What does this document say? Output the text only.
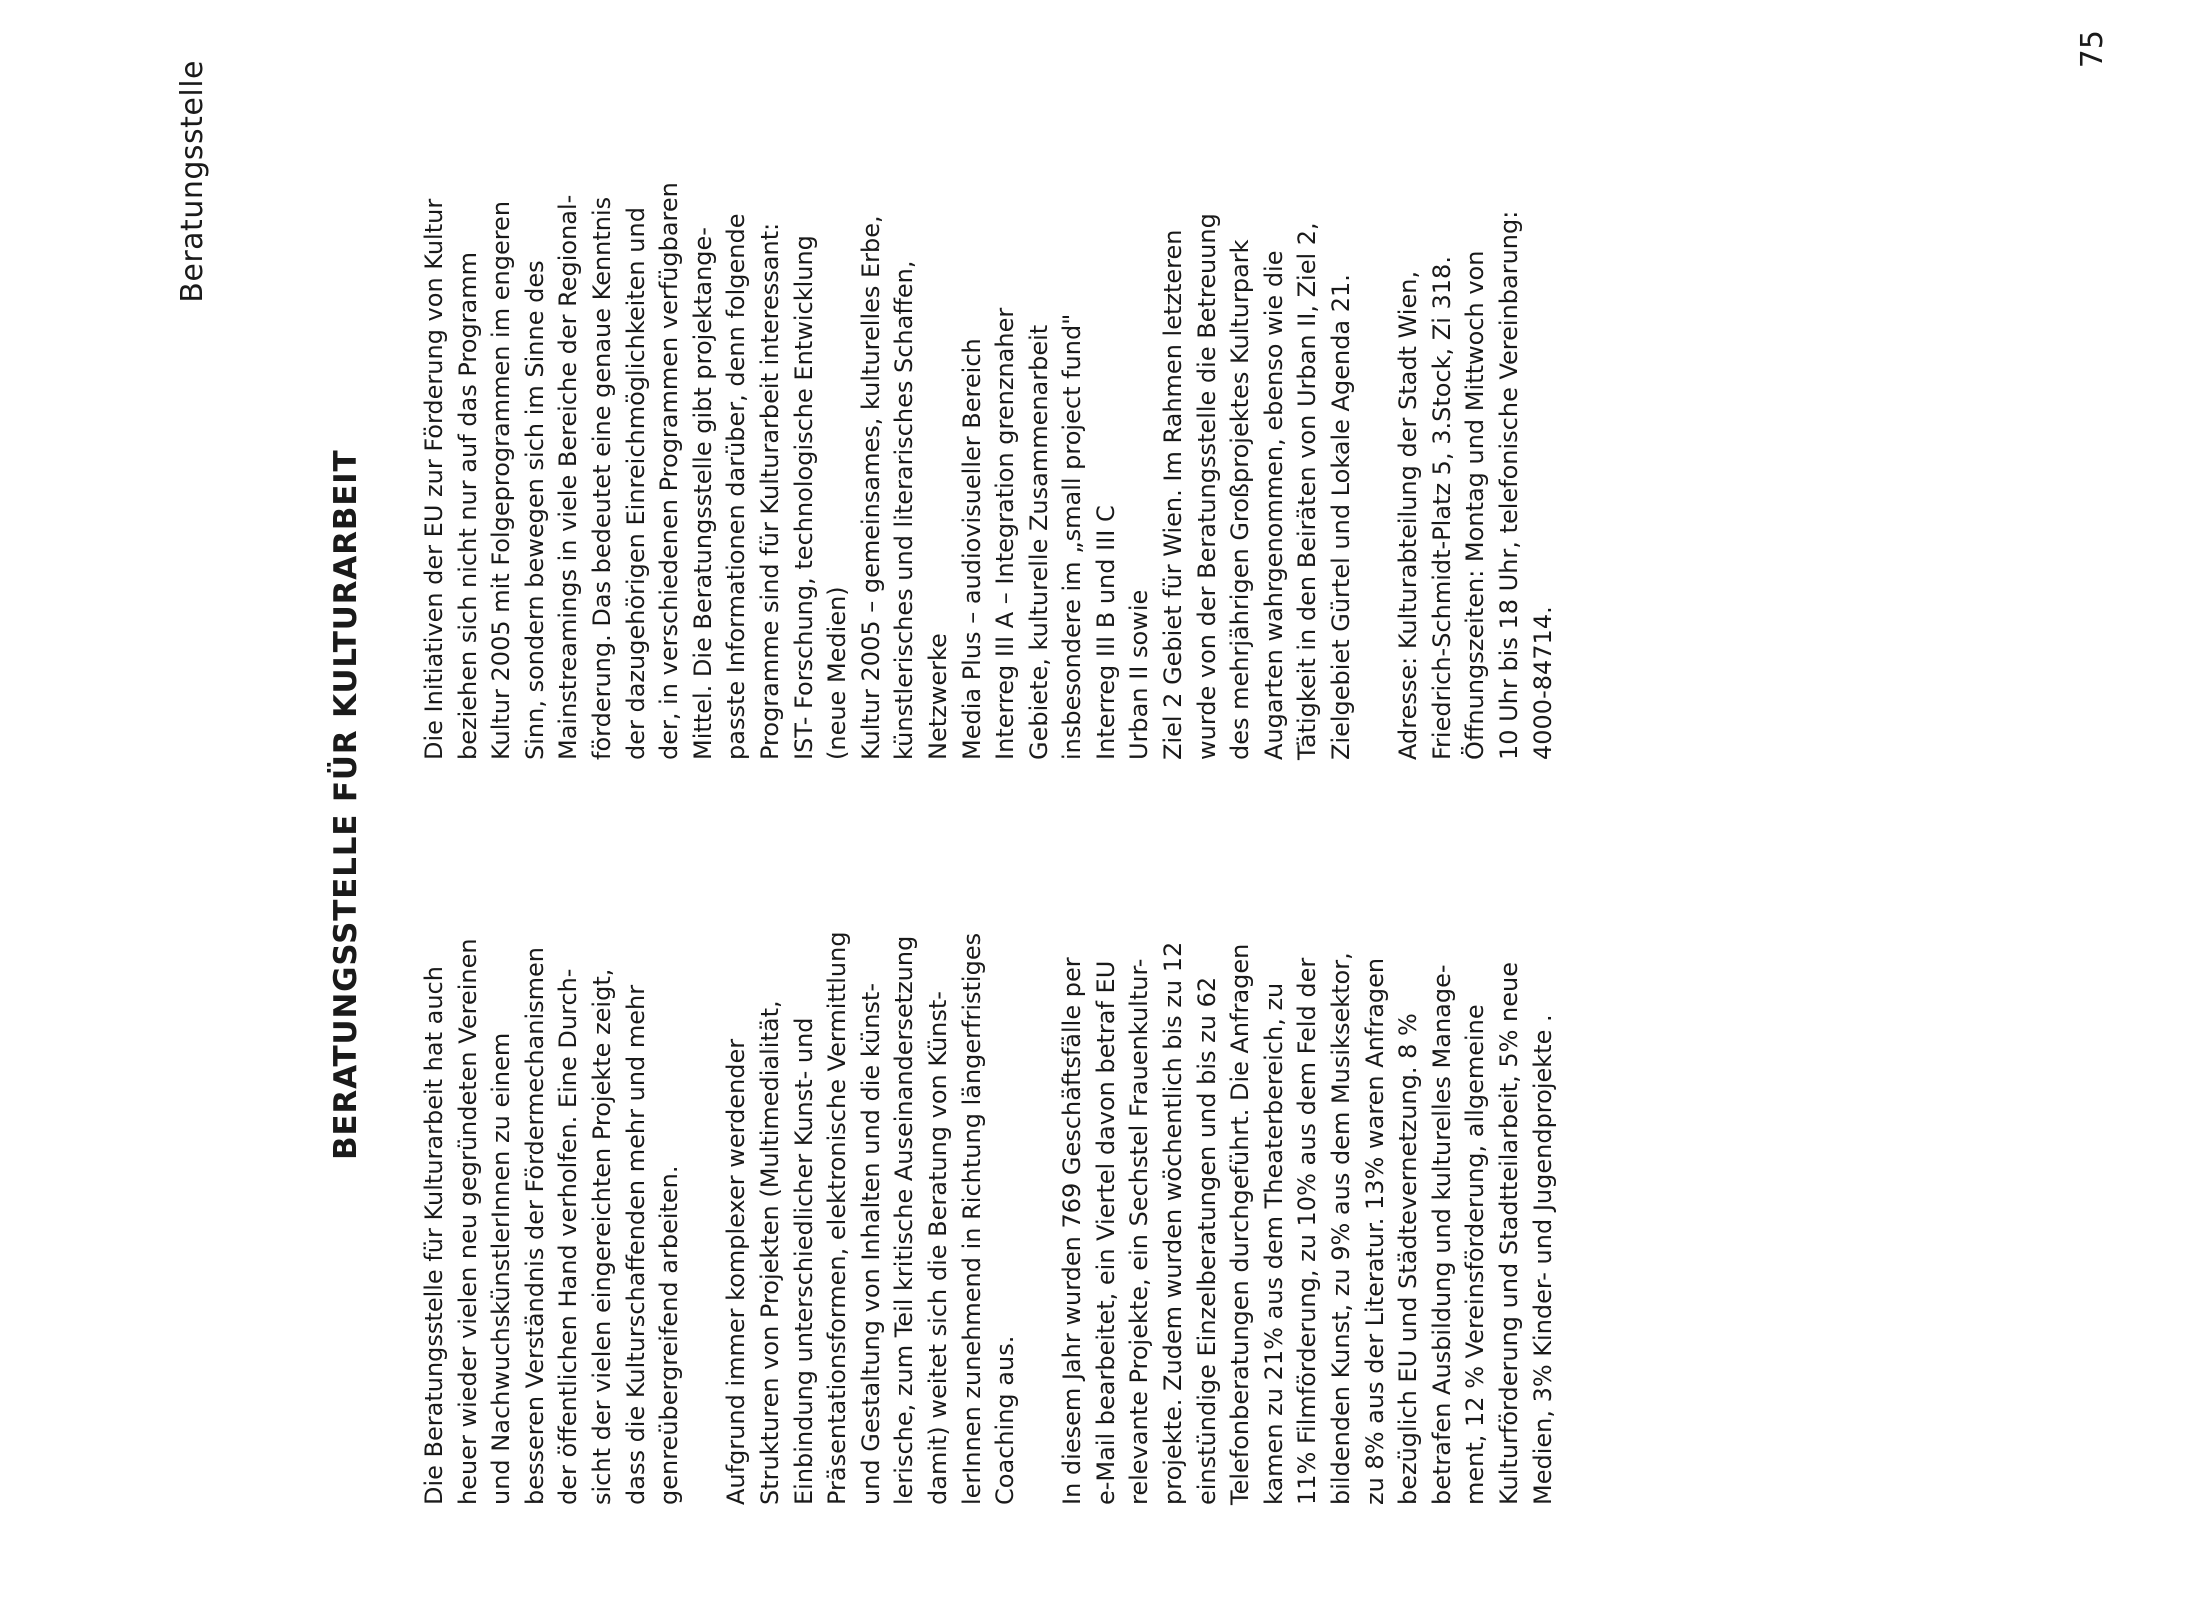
Beratungsstelle
BERATUNGSSTELLE FÜR KULTURARBEIT

Die Beratungsstelle für Kulturarbeit hat auch heuer wieder vielen neu gegründeten Vereinen und NachwuchskünstlerInnen zu einem besseren Verständnis der Fördermechanismen der öffentlichen Hand verholfen. Eine Durch- sicht der vielen eingereichten Projekte zeigt, dass die Kulturschaffenden mehr und mehr genreübergreifend arbeiten. Aufgrund immer komplexer werdender Strukturen von Projekten (Multimedialität, Einbindung unterschiedlicher Kunst- und Präsentationsformen, elektronische Vermittlung und Gestaltung von Inhalten und die künst- lerische, zum Teil kritische Auseinandersetzung damit) weitet sich die Beratung von Künst- lerInnen zunehmend in Richtung längerfristiges Coaching aus. In diesem Jahr wurden 769 Geschäftsfälle per e-Mail bearbeitet, ein Viertel davon betraf EU relevante Projekte, ein Sechstel Frauenkultur- projekte. Zudem wurden wöchentlich bis zu 12 einstündige Einzelberatungen und bis zu 62 Telefonberatungen durchgeführt. Die Anfragen kamen zu 21% aus dem Theaterbereich, zu 11% Filmförderung, zu 10% aus dem Feld der bildenden Kunst, zu 9% aus dem Musiksektor, zu 8% aus der Literatur. 13% waren Anfragen bezüglich EU und Städtevernetzung. 8 % betrafen Ausbildung und kulturelles Manage- ment, 12 % Vereinsförderung, allgemeine Kulturförderung und Stadtteilarbeit, 5% neue Medien, 3% Kinder- und Jugendprojekte .

Die Initiativen der EU zur Förderung von Kultur beziehen sich nicht nur auf das Programm Kultur 2005 mit Folgeprogrammen im engeren Sinn, sondern bewegen sich im Sinne des Mainstreamings in viele Bereiche der Regional- förderung. Das bedeutet eine genaue Kenntnis der dazugehörigen Einreichmöglichkeiten und der, in verschiedenen Programmen verfügbaren Mittel. Die Beratungsstelle gibt projektange- passte Informationen darüber, denn folgende Programme sind für Kulturarbeit interessant: IST- Forschung, technologische Entwicklung (neue Medien) Kultur 2005 – gemeinsames, kulturelles Erbe, künstlerisches und literarisches Schaffen, Netzwerke Media Plus – audiovisueller Bereich Interreg III A – Integration grenznaher Gebiete, kulturelle Zusammenarbeit insbesondere im „small project fund" Interreg III B und III C Urban II sowie Ziel 2 Gebiet für Wien. Im Rahmen letzteren wurde von der Beratungsstelle die Betreuung des mehrjährigen Großprojektes Kulturpark Augarten wahrgenommen, ebenso wie die Tätigkeit in den Beiräten von Urban II, Ziel 2, Zielgebiet Gürtel und Lokale Agenda 21. Adresse: Kulturabteilung der Stadt Wien, Friedrich-Schmidt-Platz 5, 3.Stock, Zi 318. Öffnungszeiten: Montag und Mittwoch von 10 Uhr bis 18 Uhr, telefonische Vereinbarung: 4000-84714.

75
